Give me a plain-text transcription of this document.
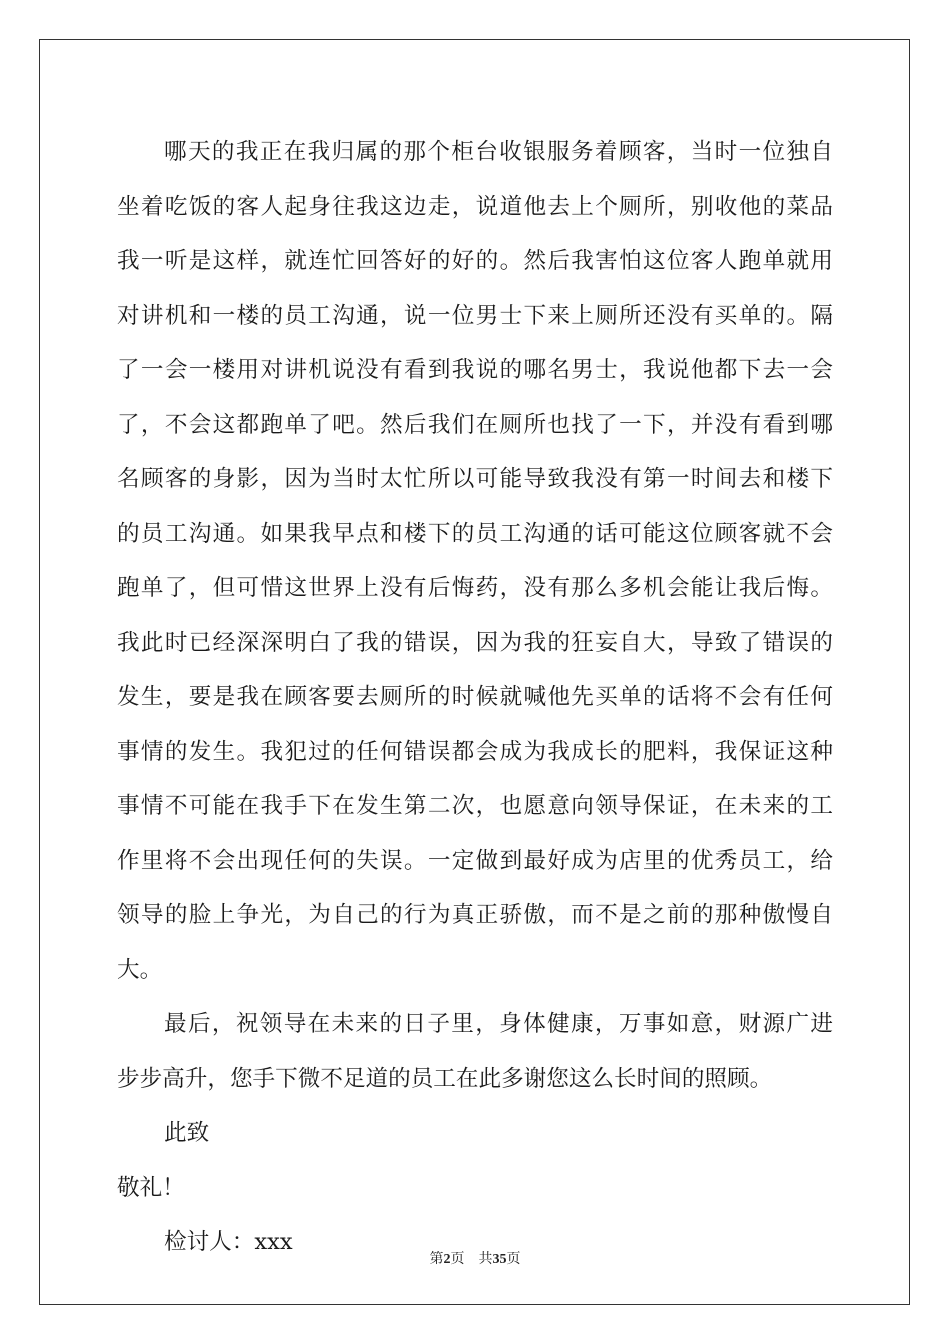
哪天的我正在我归属的那个柜台收银服务着顾客，当时一位独自
坐着吃饭的客人起身往我这边走，说道他去上个厕所，别收他的菜品
我一听是这样，就连忙回答好的好的。然后我害怕这位客人跑单就用
对讲机和一楼的员工沟通，说一位男士下来上厕所还没有买单的。隔
了一会一楼用对讲机说没有看到我说的哪名男士，我说他都下去一会
了，不会这都跑单了吧。然后我们在厕所也找了一下，并没有看到哪
名顾客的身影，因为当时太忙所以可能导致我没有第一时间去和楼下
的员工沟通。如果我早点和楼下的员工沟通的话可能这位顾客就不会
跑单了，但可惜这世界上没有后悔药，没有那么多机会能让我后悔。
我此时已经深深明白了我的错误，因为我的狂妄自大，导致了错误的
发生，要是我在顾客要去厕所的时候就喊他先买单的话将不会有任何
事情的发生。我犯过的任何错误都会成为我成长的肥料，我保证这种
事情不可能在我手下在发生第二次，也愿意向领导保证，在未来的工
作里将不会出现任何的失误。一定做到最好成为店里的优秀员工，给
领导的脸上争光，为自己的行为真正骄傲，而不是之前的那种傲慢自
大。
最后，祝领导在未来的日子里，身体健康，万事如意，财源广进
步步高升，您手下微不足道的员工在此多谢您这么长时间的照顾。
此致
敬礼！
检讨人：xxx
第2页 共35页
